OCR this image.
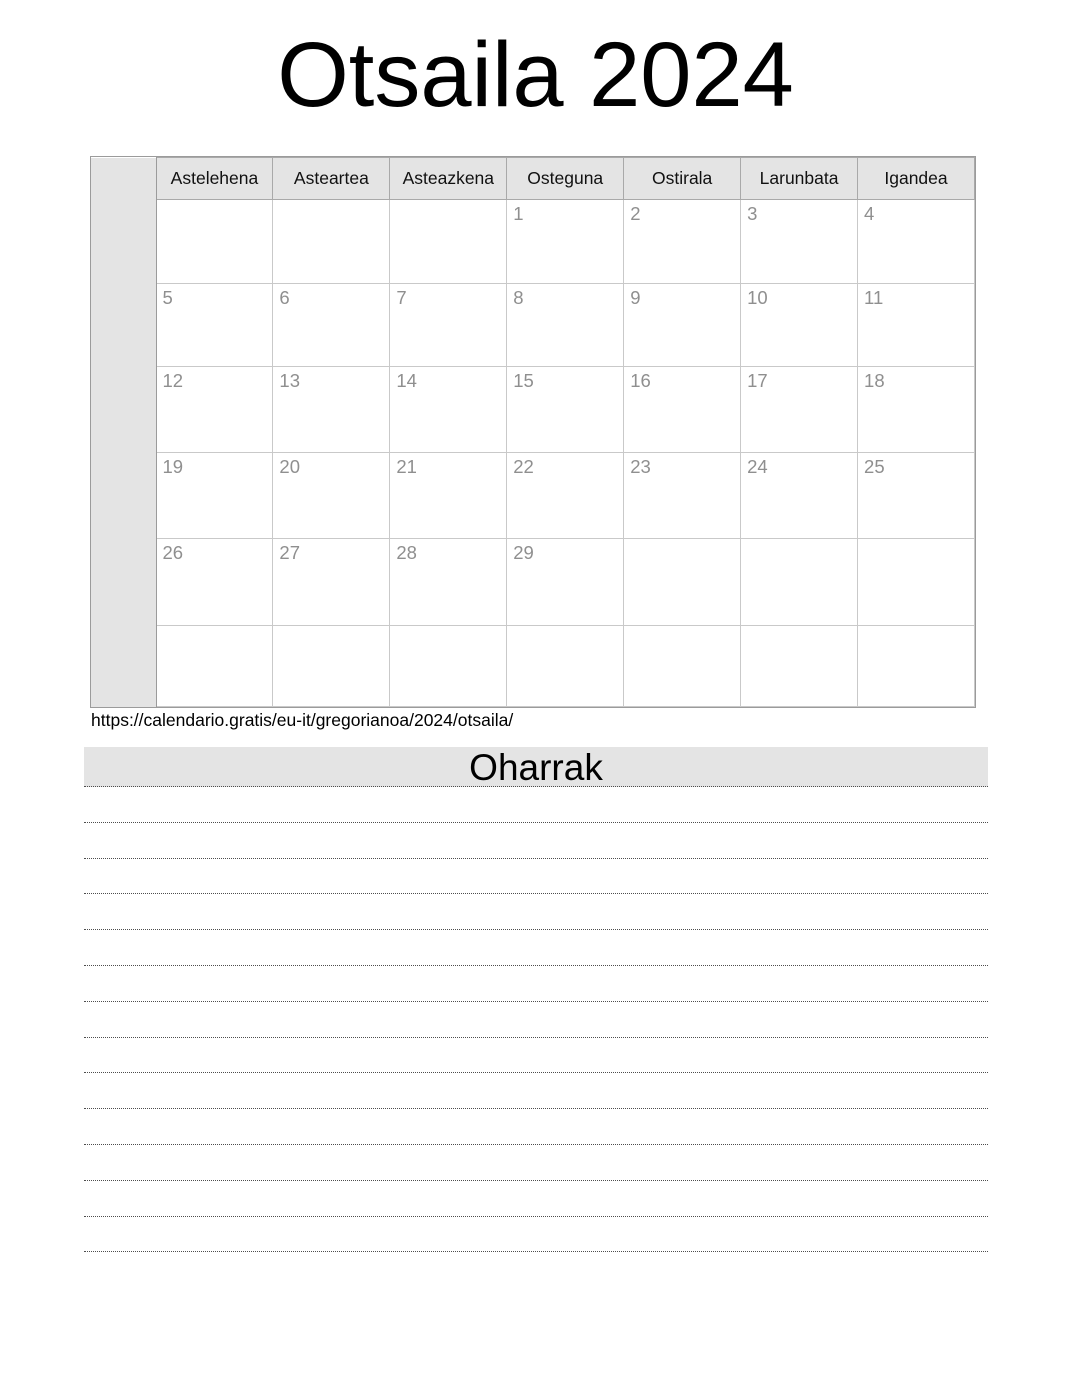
Otsaila 2024
	Astelehena	Asteartea	Asteazkena	Osteguna	Ostirala	Larunbata	Igandea
				1	2	3	4
	5	6	7	8	9	10	11
	12	13	14	15	16	17	18
	19	20	21	22	23	24	25
	26	27	28	29			

https://calendario.gratis/eu-it/gregorianoa/2024/otsaila/
Oharrak
